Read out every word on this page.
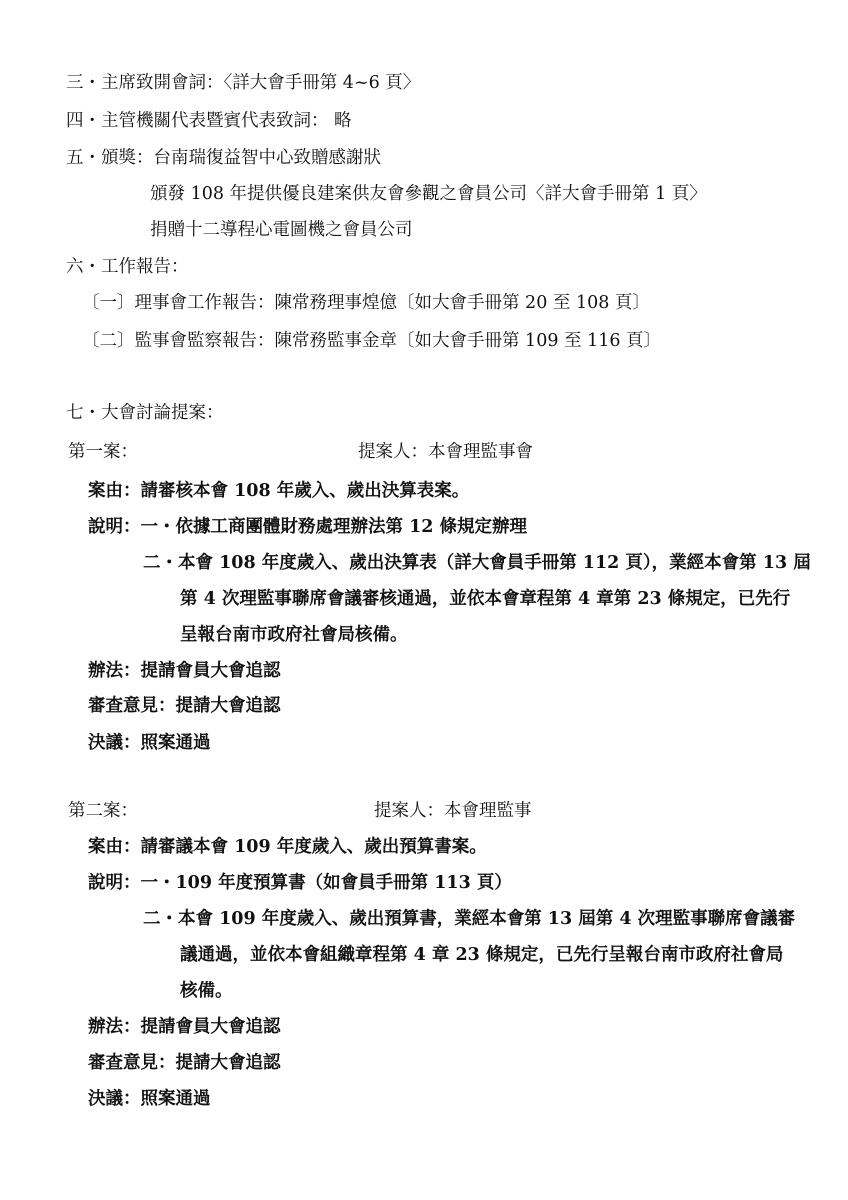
三・主席致開會詞：〈詳大會手冊第 4~6 頁〉
四・主管機關代表暨賓代表致詞： 略
五・頒獎：台南瑞復益智中心致贈感謝狀
頒發 108 年提供優良建案供友會參觀之會員公司〈詳大會手冊第 1 頁〉
捐贈十二導程心電圖機之會員公司
六・工作報告：
〔一〕理事會工作報告：陳常務理事煌億〔如大會手冊第 20 至 108 頁〕
〔二〕監事會監察報告：陳常務監事金章〔如大會手冊第 109 至 116 頁〕
七・大會討論提案：
第一案：	提案人：本會理監事會
案由：請審核本會 108 年歲入、歲出決算表案。
說明：一・依據工商團體財務處理辦法第 12 條規定辦理
二・本會 108 年度歲入、歲出決算表（詳大會員手冊第 112 頁），業經本會第 13 屆
第 4 次理監事聯席會議審核通過，並依本會章程第 4 章第 23 條規定，已先行
呈報台南市政府社會局核備。
辦法：提請會員大會追認
審查意見：提請大會追認
決議：照案通過
第二案：	提案人：本會理監事
案由：請審議本會 109 年度歲入、歲出預算書案。
說明：一・109 年度預算書（如會員手冊第 113 頁）
二・本會 109 年度歲入、歲出預算書，業經本會第 13 屆第 4 次理監事聯席會議審
議通過，並依本會組織章程第 4 章 23 條規定，已先行呈報台南市政府社會局
核備。
辦法：提請會員大會追認
審查意見：提請大會追認
決議：照案通過
